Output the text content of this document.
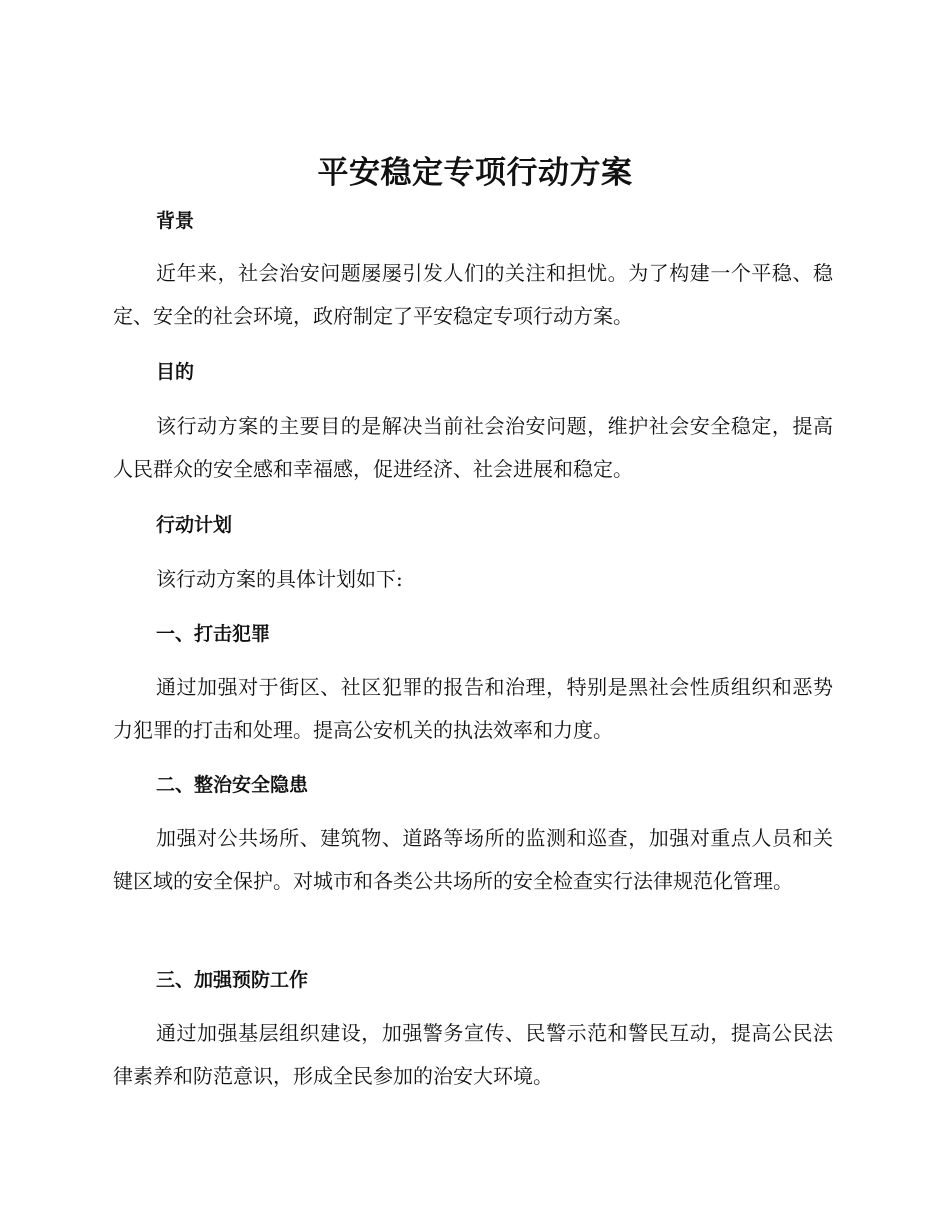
平安稳定专项行动方案
背景
近年来，社会治安问题屡屡引发人们的关注和担忧。为了构建一个平稳、稳定、安全的社会环境，政府制定了平安稳定专项行动方案。
目的
该行动方案的主要目的是解决当前社会治安问题，维护社会安全稳定，提高人民群众的安全感和幸福感，促进经济、社会进展和稳定。
行动计划
该行动方案的具体计划如下:
一、打击犯罪
通过加强对于街区、社区犯罪的报告和治理，特别是黑社会性质组织和恶势力犯罪的打击和处理。提高公安机关的执法效率和力度。
二、整治安全隐患
加强对公共场所、建筑物、道路等场所的监测和巡查，加强对重点人员和关键区域的安全保护。对城市和各类公共场所的安全检查实行法律规范化管理。
三、加强预防工作
通过加强基层组织建设，加强警务宣传、民警示范和警民互动，提高公民法律素养和防范意识，形成全民参加的治安大环境。
